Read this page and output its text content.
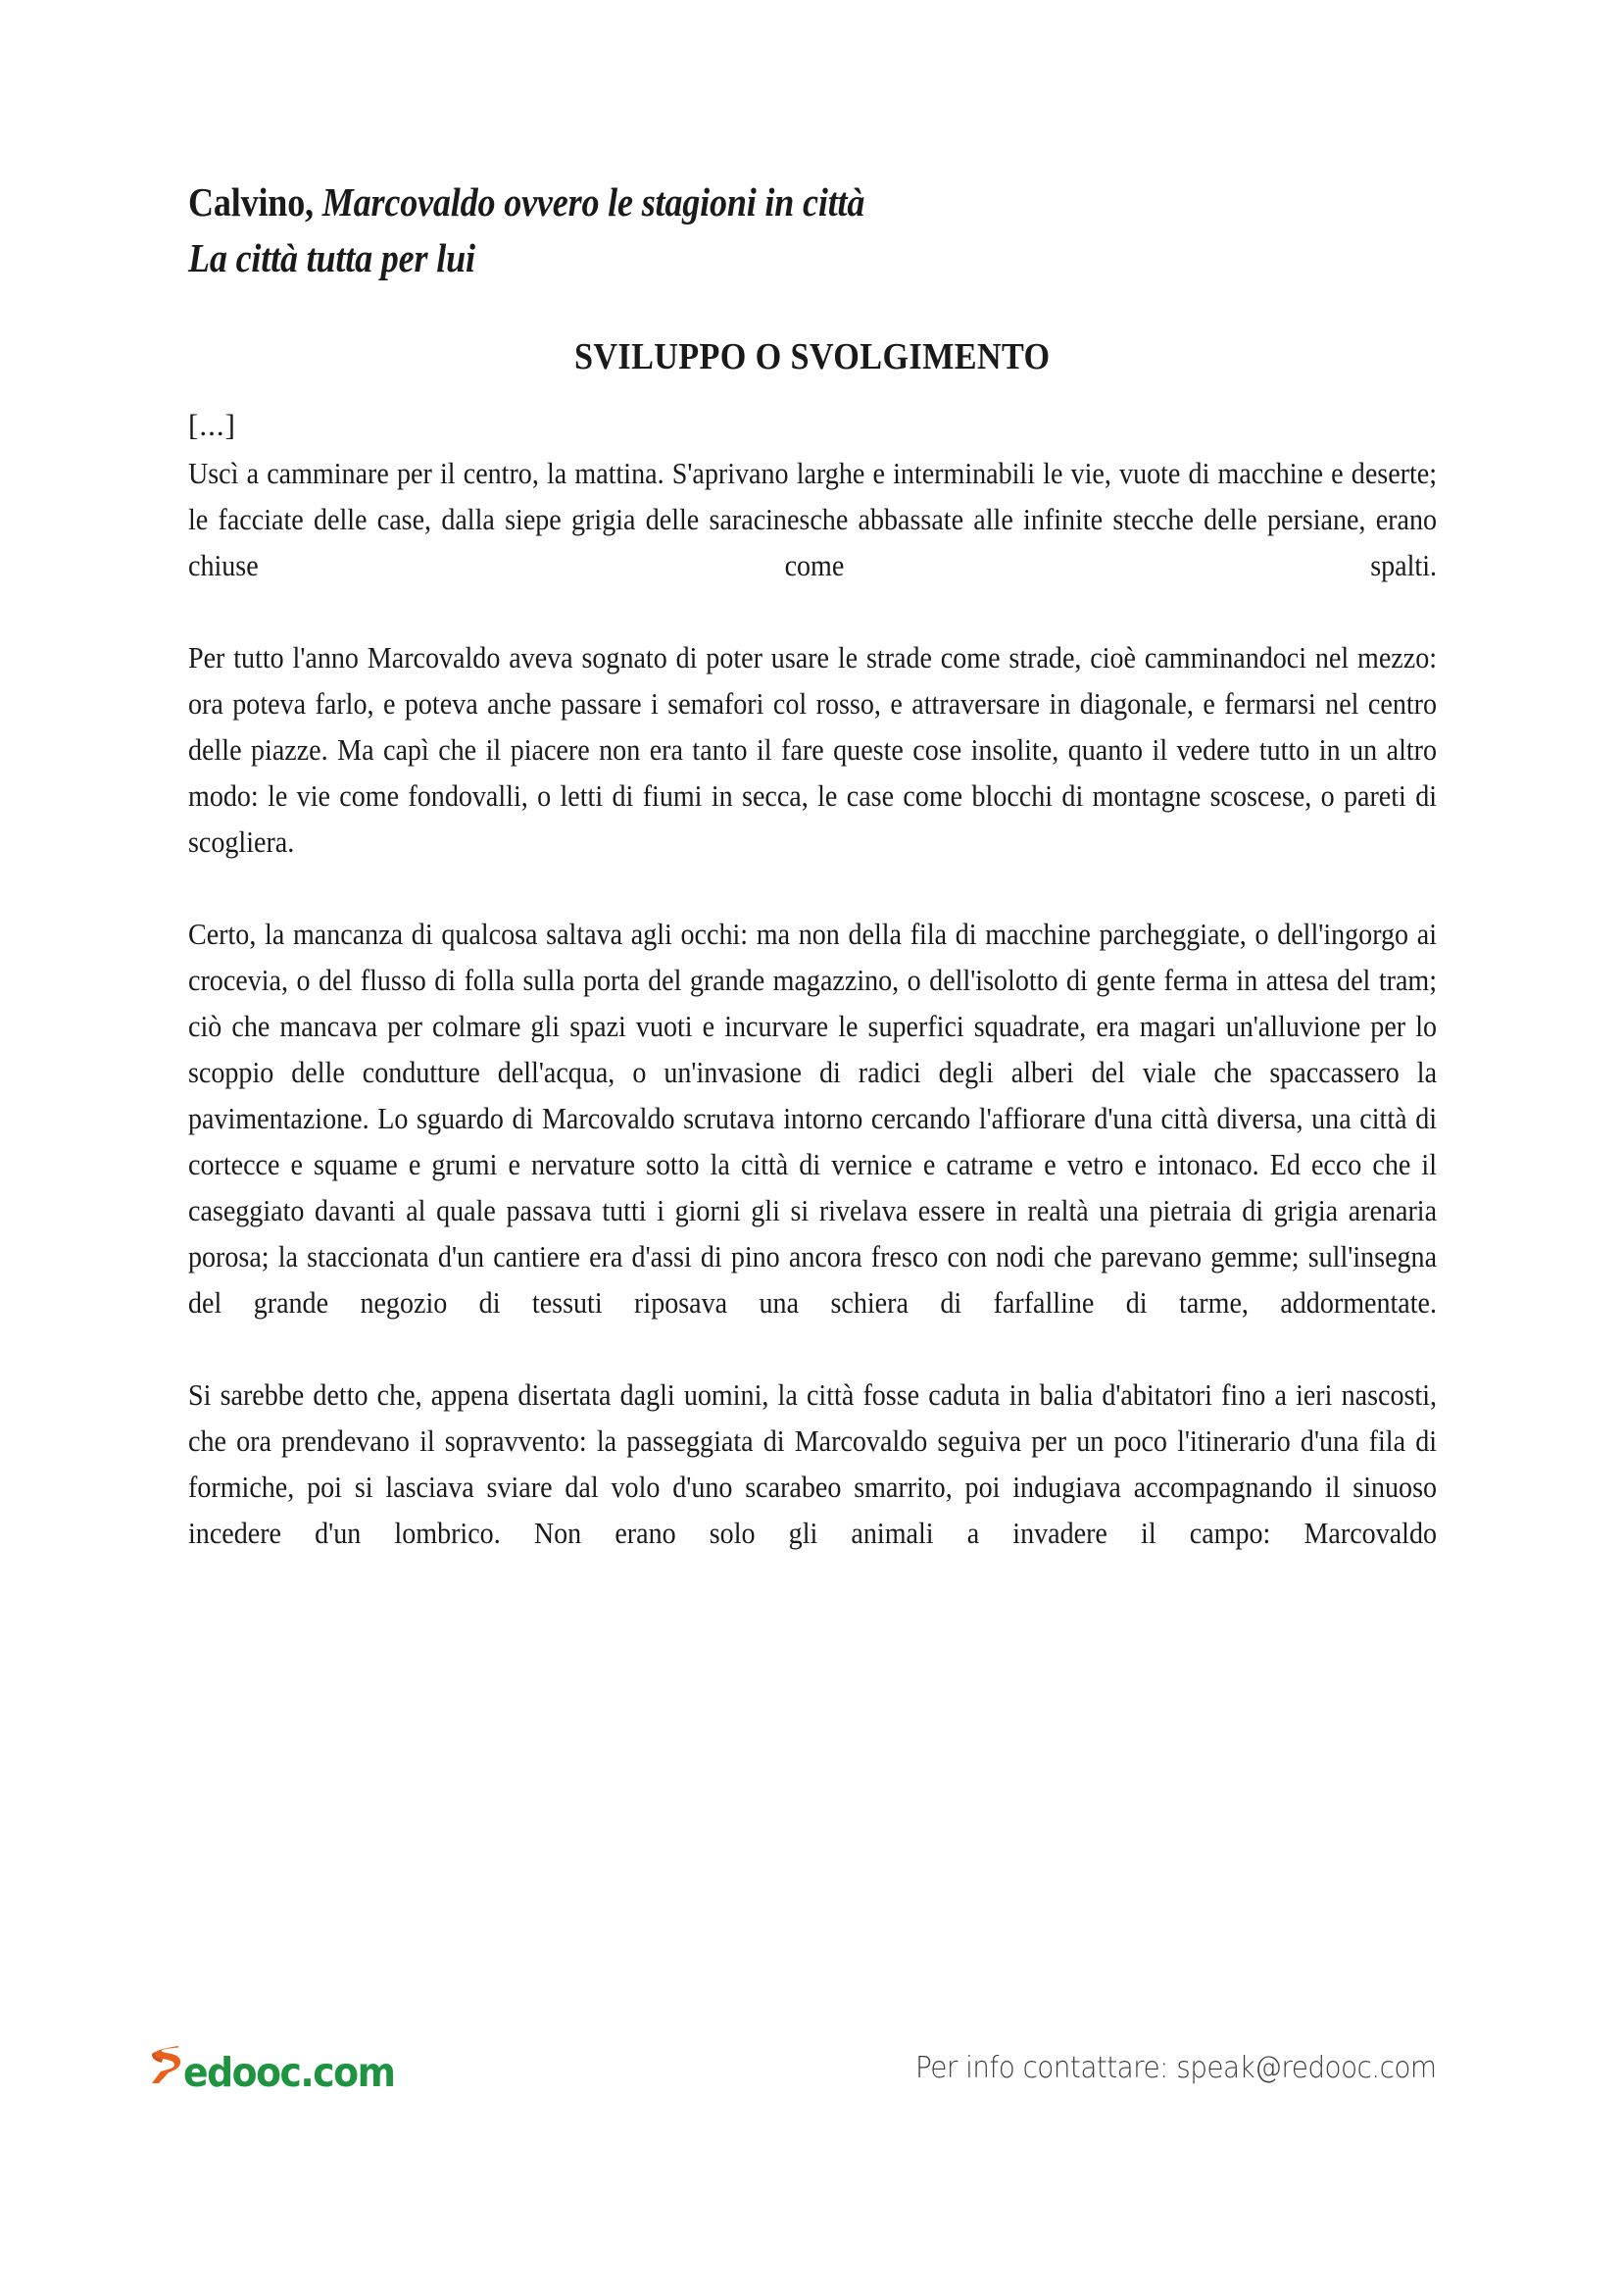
Calvino, Marcovaldo ovvero le stagioni in città
La città tutta per lui
SVILUPPO O SVOLGIMENTO
[...]

Uscì a camminare per il centro, la mattina. S'aprivano larghe e interminabili le vie, vuote di macchine e deserte; le facciate delle case, dalla siepe grigia delle saracinesche abbassate alle infinite stecche delle persiane, erano chiuse come spalti.

Per tutto l'anno Marcovaldo aveva sognato di poter usare le strade come strade, cioè camminandoci nel mezzo: ora poteva farlo, e poteva anche passare i semafori col rosso, e attraversare in diagonale, e fermarsi nel centro delle piazze. Ma capì che il piacere non era tanto il fare queste cose insolite, quanto il vedere tutto in un altro modo: le vie come fondovalli, o letti di fiumi in secca, le case come blocchi di montagne scoscese, o pareti di scogliera.

Certo, la mancanza di qualcosa saltava agli occhi: ma non della fila di macchine parcheggiate, o dell'ingorgo ai crocevia, o del flusso di folla sulla porta del grande magazzino, o dell'isolotto di gente ferma in attesa del tram; ciò che mancava per colmare gli spazi vuoti e incurvare le superfici squadrate, era magari un'alluvione per lo scoppio delle condutture dell'acqua, o un'invasione di radici degli alberi del viale che spaccassero la pavimentazione. Lo sguardo di Marcovaldo scrutava intorno cercando l'affiorare d'una città diversa, una città di cortecce e squame e grumi e nervature sotto la città di vernice e catrame e vetro e intonaco. Ed ecco che il caseggiato davanti al quale passava tutti i giorni gli si rivelava essere in realtà una pietraia di grigia arenaria porosa; la staccionata d'un cantiere era d'assi di pino ancora fresco con nodi che parevano gemme; sull'insegna del grande negozio di tessuti riposava una schiera di farfalline di tarme, addormentate.

Si sarebbe detto che, appena disertata dagli uomini, la città fosse caduta in balia d'abitatori fino a ieri nascosti, che ora prendevano il sopravvento: la passeggiata di Marcovaldo seguiva per un poco l'itinerario d'una fila di formiche, poi si lasciava sviare dal volo d'uno scarabeo smarrito, poi indugiava accompagnando il sinuoso incedere d'un lombrico. Non erano solo gli animali a invadere il campo: Marcovaldo

edooc.com	Per info contattare: speak@redooc.com
